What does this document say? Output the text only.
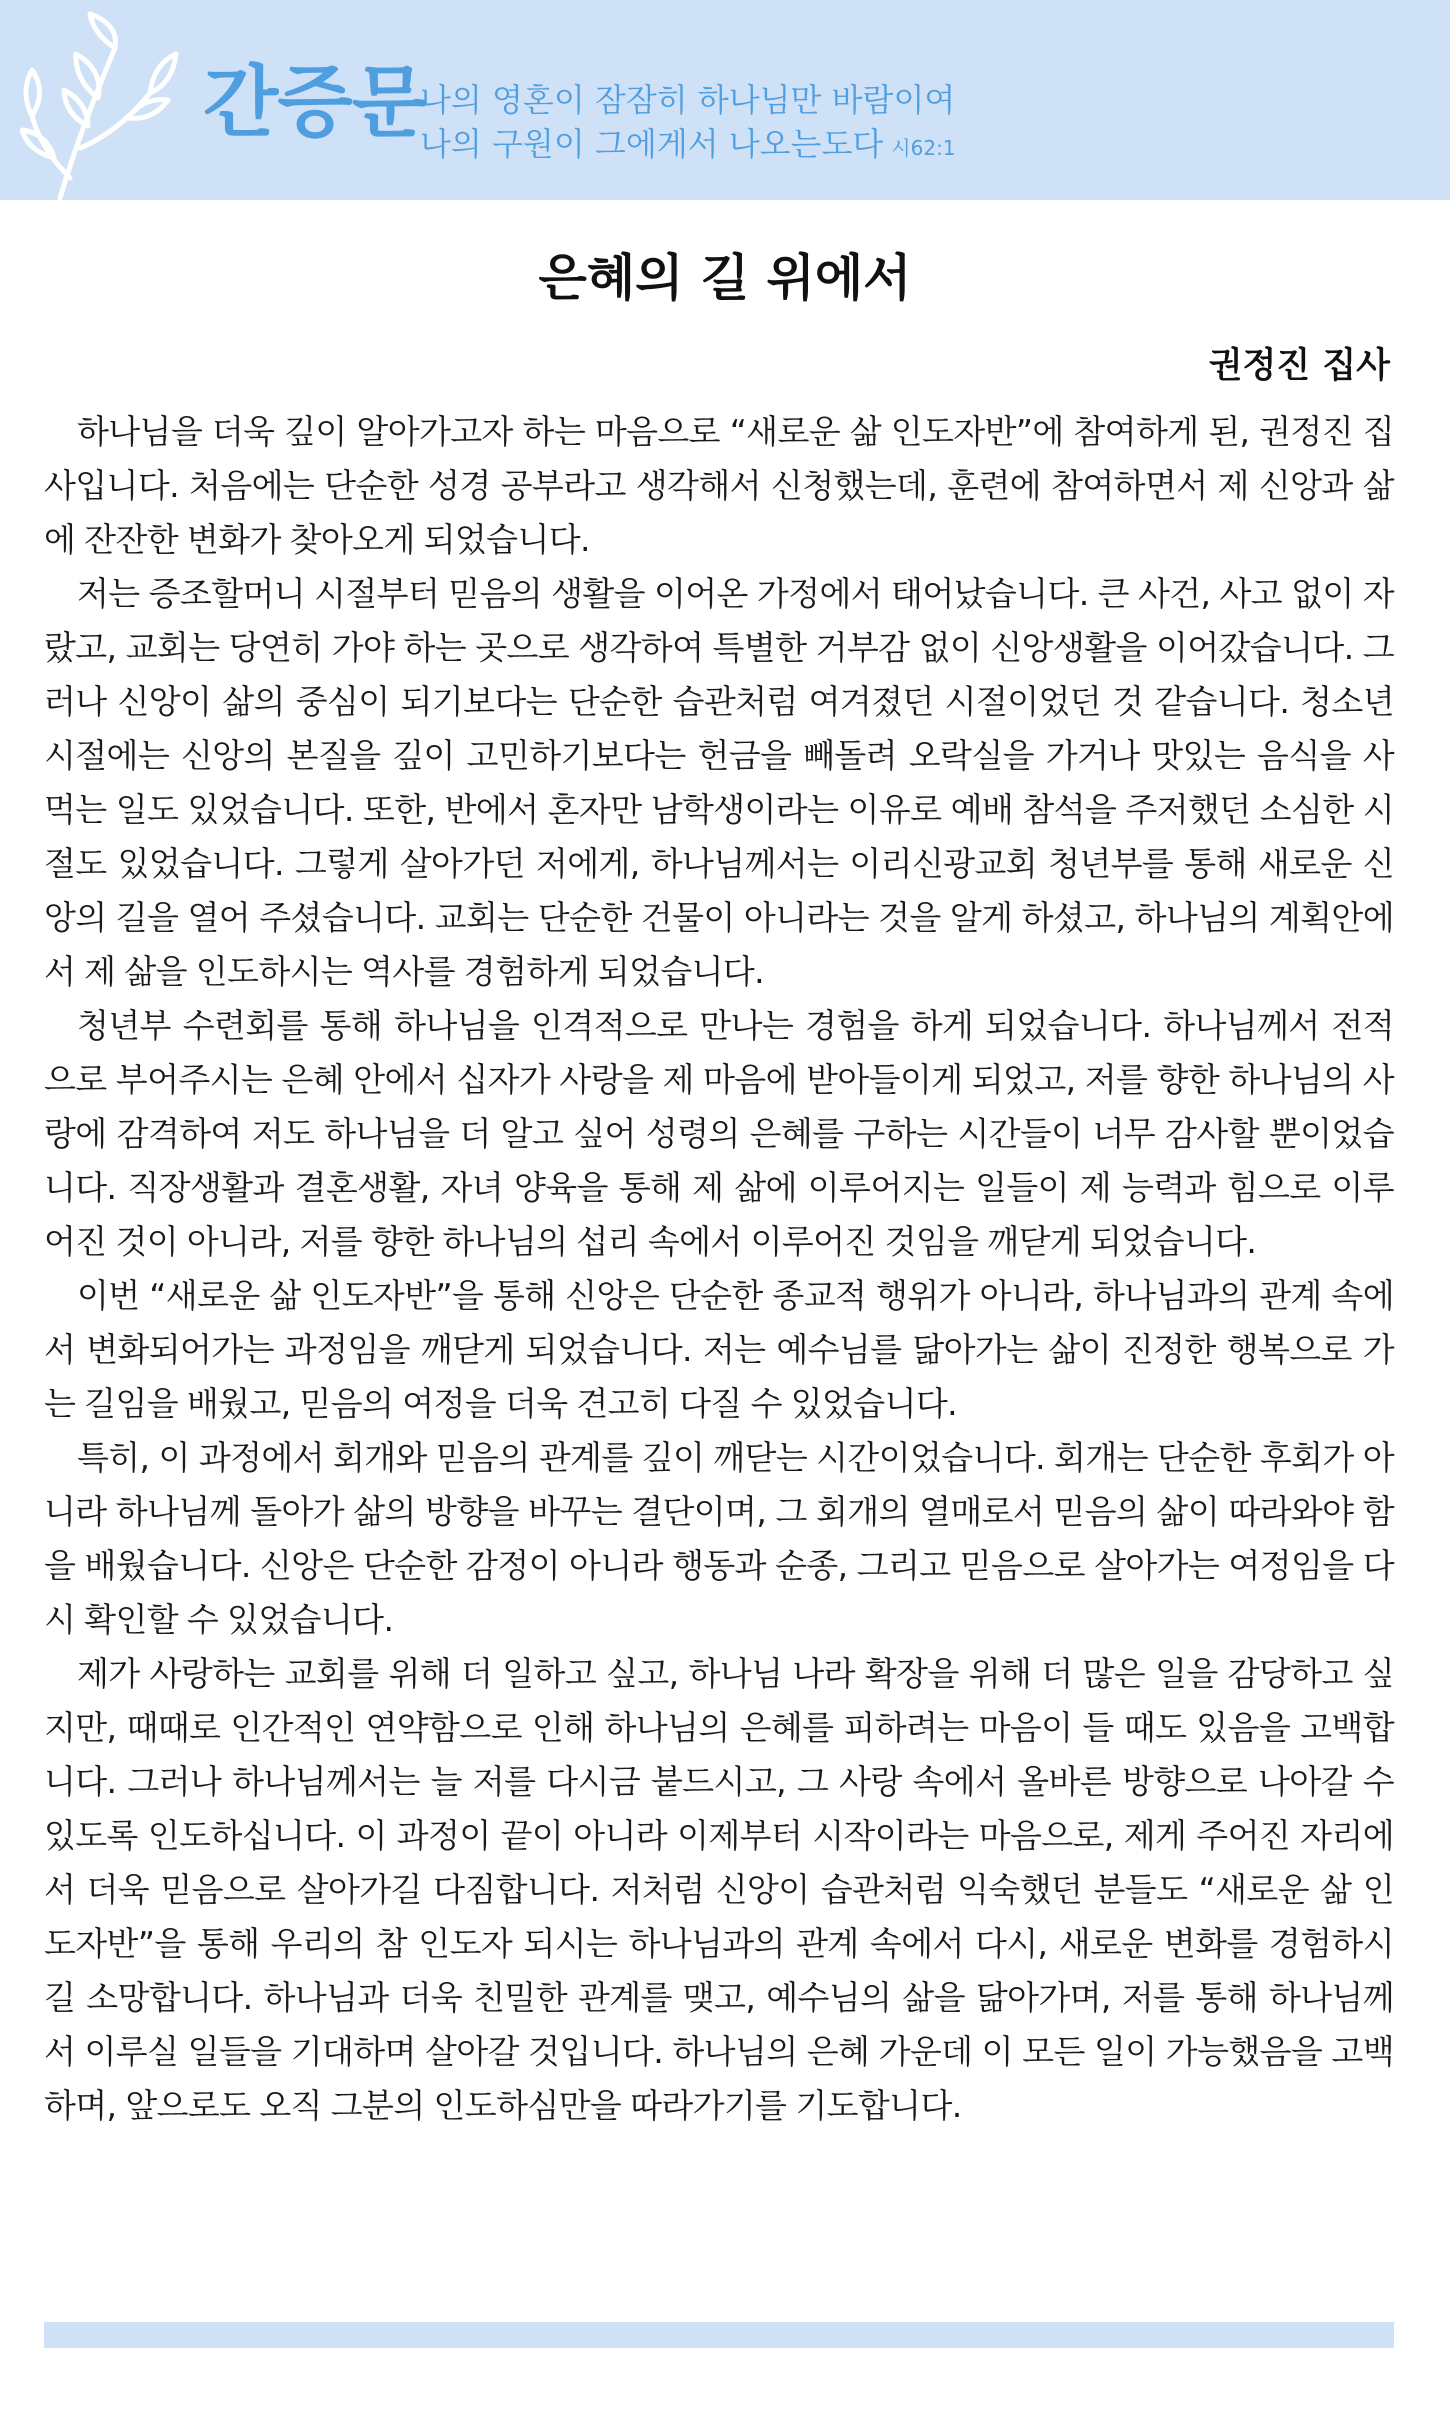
간증문
나의 영혼이 잠잠히 하나님만 바람이여
나의 구원이 그에게서 나오는도다 시62:1
은혜의 길 위에서
권정진 집사

하나님을 더욱 깊이 알아가고자 하는 마음으로 “새로운 삶 인도자반”에 참여하게 된, 권정진 집사입니다. 처음에는 단순한 성경 공부라고 생각해서 신청했는데, 훈련에 참여하면서 제 신앙과 삶에 잔잔한 변화가 찾아오게 되었습니다.

저는 증조할머니 시절부터 믿음의 생활을 이어온 가정에서 태어났습니다. 큰 사건, 사고 없이 자랐고, 교회는 당연히 가야 하는 곳으로 생각하여 특별한 거부감 없이 신앙생활을 이어갔습니다. 그러나 신앙이 삶의 중심이 되기보다는 단순한 습관처럼 여겨졌던 시절이었던 것 같습니다. 청소년 시절에는 신앙의 본질을 깊이 고민하기보다는 헌금을 빼돌려 오락실을 가거나 맛있는 음식을 사 먹는 일도 있었습니다. 또한, 반에서 혼자만 남학생이라는 이유로 예배 참석을 주저했던 소심한 시절도 있었습니다. 그렇게 살아가던 저에게, 하나님께서는 이리신광교회 청년부를 통해 새로운 신앙의 길을 열어 주셨습니다. 교회는 단순한 건물이 아니라는 것을 알게 하셨고, 하나님의 계획안에서 제 삶을 인도하시는 역사를 경험하게 되었습니다.

청년부 수련회를 통해 하나님을 인격적으로 만나는 경험을 하게 되었습니다. 하나님께서 전적으로 부어주시는 은혜 안에서 십자가 사랑을 제 마음에 받아들이게 되었고, 저를 향한 하나님의 사랑에 감격하여 저도 하나님을 더 알고 싶어 성령의 은혜를 구하는 시간들이 너무 감사할 뿐이었습니다. 직장생활과 결혼생활, 자녀 양육을 통해 제 삶에 이루어지는 일들이 제 능력과 힘으로 이루어진 것이 아니라, 저를 향한 하나님의 섭리 속에서 이루어진 것임을 깨닫게 되었습니다.

이번 “새로운 삶 인도자반”을 통해 신앙은 단순한 종교적 행위가 아니라, 하나님과의 관계 속에서 변화되어가는 과정임을 깨닫게 되었습니다. 저는 예수님를 닮아가는 삶이 진정한 행복으로 가는 길임을 배웠고, 믿음의 여정을 더욱 견고히 다질 수 있었습니다.

특히, 이 과정에서 회개와 믿음의 관계를 깊이 깨닫는 시간이었습니다. 회개는 단순한 후회가 아니라 하나님께 돌아가 삶의 방향을 바꾸는 결단이며, 그 회개의 열매로서 믿음의 삶이 따라와야 함을 배웠습니다. 신앙은 단순한 감정이 아니라 행동과 순종, 그리고 믿음으로 살아가는 여정임을 다시 확인할 수 있었습니다.

제가 사랑하는 교회를 위해 더 일하고 싶고, 하나님 나라 확장을 위해 더 많은 일을 감당하고 싶지만, 때때로 인간적인 연약함으로 인해 하나님의 은혜를 피하려는 마음이 들 때도 있음을 고백합니다. 그러나 하나님께서는 늘 저를 다시금 붙드시고, 그 사랑 속에서 올바른 방향으로 나아갈 수 있도록 인도하십니다. 이 과정이 끝이 아니라 이제부터 시작이라는 마음으로, 제게 주어진 자리에서 더욱 믿음으로 살아가길 다짐합니다. 저처럼 신앙이 습관처럼 익숙했던 분들도 “새로운 삶 인도자반”을 통해 우리의 참 인도자 되시는 하나님과의 관계 속에서 다시, 새로운 변화를 경험하시길 소망합니다. 하나님과 더욱 친밀한 관계를 맺고, 예수님의 삶을 닮아가며, 저를 통해 하나님께서 이루실 일들을 기대하며 살아갈 것입니다. 하나님의 은혜 가운데 이 모든 일이 가능했음을 고백하며, 앞으로도 오직 그분의 인도하심만을 따라가기를 기도합니다.
